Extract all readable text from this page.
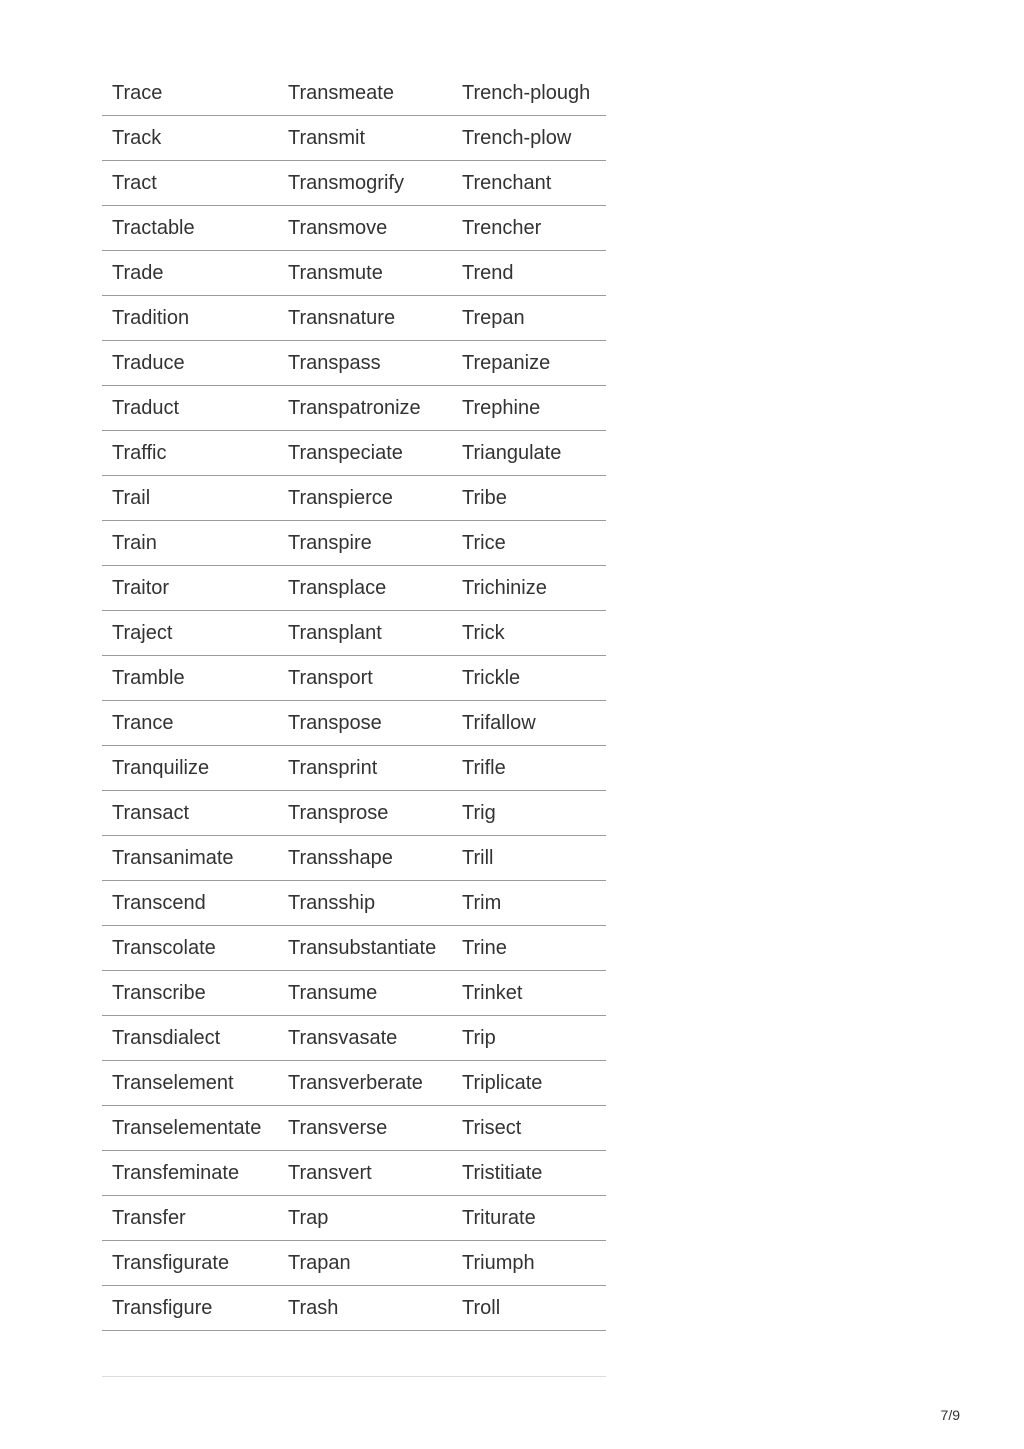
Trace	Transmeate	Trench-plough
Track	Transmit	Trench-plow
Tract	Transmogrify	Trenchant
Tractable	Transmove	Trencher
Trade	Transmute	Trend
Tradition	Transnature	Trepan
Traduce	Transpass	Trepanize
Traduct	Transpatronize	Trephine
Traffic	Transpeciate	Triangulate
Trail	Transpierce	Tribe
Train	Transpire	Trice
Traitor	Transplace	Trichinize
Traject	Transplant	Trick
Tramble	Transport	Trickle
Trance	Transpose	Trifallow
Tranquilize	Transprint	Trifle
Transact	Transprose	Trig
Transanimate	Transshape	Trill
Transcend	Transship	Trim
Transcolate	Transubstantiate	Trine
Transcribe	Transume	Trinket
Transdialect	Transvasate	Trip
Transelement	Transverberate	Triplicate
Transelementate	Transverse	Trisect
Transfeminate	Transvert	Tristitiate
Transfer	Trap	Triturate
Transfigurate	Trapan	Triumph
Transfigure	Trash	Troll
7/9
